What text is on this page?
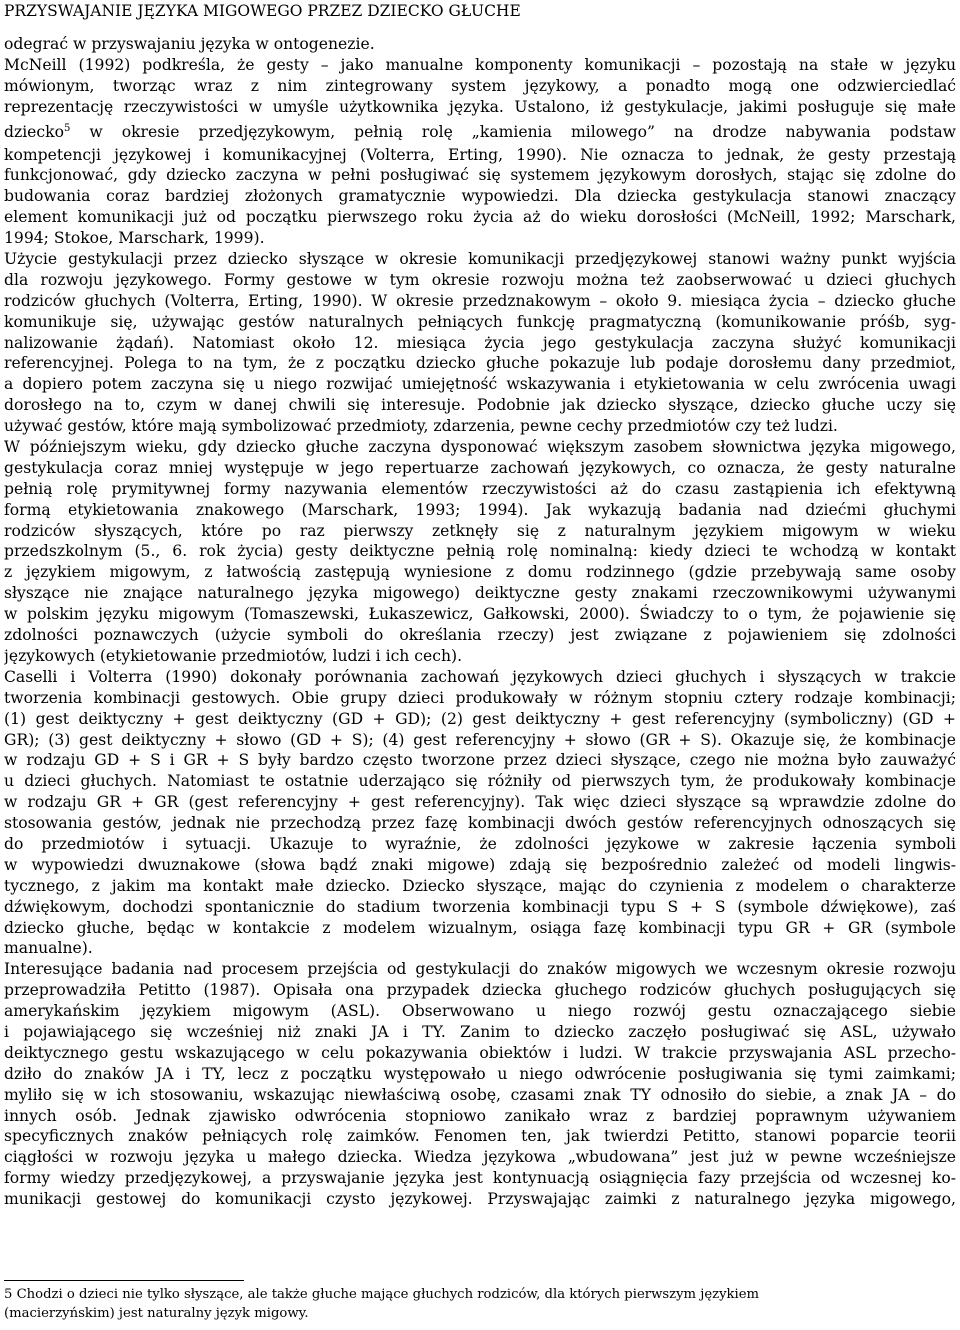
PRZYSWAJANIE JĘZYKA MIGOWEGO PRZEZ DZIECKO GŁUCHE
odegrać w przyswajaniu języka w ontogenezie.
McNeill (1992) podkreśla, że gesty – jako manualne komponenty komunikacji – pozostają na stałe w języku
mówionym, tworząc wraz z nim zintegrowany system językowy, a ponadto mogą one odzwierciedlać
reprezentację rzeczywistości w umyśle użytkownika języka. Ustalono, iż gestykulacje, jakimi posługuje się małe
dziecko$^5$ w okresie przedjęzykowym, pełnią rolę „kamienia milowego” na drodze nabywania podstaw
kompetencji językowej i komunikacyjnej (Volterra, Erting, 1990). Nie oznacza to jednak, że gesty przestają
funkcjonować, gdy dziecko zaczyna w pełni posługiwać się systemem językowym dorosłych, stając się zdolne do
budowania coraz bardziej złożonych gramatycznie wypowiedzi. Dla dziecka gestykulacja stanowi znaczący
element komunikacji już od początku pierwszego roku życia aż do wieku dorosłości (McNeill, 1992; Marschark,
1994; Stokoe, Marschark, 1999).
Użycie gestykulacji przez dziecko słyszące w okresie komunikacji przedjęzykowej stanowi ważny punkt wyjścia
dla rozwoju językowego. Formy gestowe w tym okresie rozwoju można też zaobserwować u dzieci głuchych
rodziców głuchych (Volterra, Erting, 1990). W okresie przedznakowym – około 9. miesiąca życia – dziecko głuche
komunikuje się, używając gestów naturalnych pełniących funkcję pragmatyczną (komunikowanie próśb, syg-
nalizowanie żądań). Natomiast około 12. miesiąca życia jego gestykulacja zaczyna służyć komunikacji
referencyjnej. Polega to na tym, że z początku dziecko głuche pokazuje lub podaje dorosłemu dany przedmiot,
a dopiero potem zaczyna się u niego rozwijać umiejętność wskazywania i etykietowania w celu zwrócenia uwagi
dorosłego na to, czym w danej chwili się interesuje. Podobnie jak dziecko słyszące, dziecko głuche uczy się
używać gestów, które mają symbolizować przedmioty, zdarzenia, pewne cechy przedmiotów czy też ludzi.
W późniejszym wieku, gdy dziecko głuche zaczyna dysponować większym zasobem słownictwa języka migowego,
gestykulacja coraz mniej występuje w jego repertuarze zachowań językowych, co oznacza, że gesty naturalne
pełnią rolę prymitywnej formy nazywania elementów rzeczywistości aż do czasu zastąpienia ich efektywną
formą etykietowania znakowego (Marschark, 1993; 1994). Jak wykazują badania nad dziećmi głuchymi
rodziców słyszących, które po raz pierwszy zetknęły się z naturalnym językiem migowym w wieku
przedszkolnym (5., 6. rok życia) gesty deiktyczne pełnią rolę nominalną: kiedy dzieci te wchodzą w kontakt
z językiem migowym, z łatwością zastępują wyniesione z domu rodzinnego (gdzie przebywają same osoby
słyszące nie znające naturalnego języka migowego) deiktyczne gesty znakami rzeczownikowymi używanymi
w polskim języku migowym (Tomaszewski, Łukaszewicz, Gałkowski, 2000). Świadczy to o tym, że pojawienie się
zdolności poznawczych (użycie symboli do określania rzeczy) jest związane z pojawieniem się zdolności
językowych (etykietowanie przedmiotów, ludzi i ich cech).
Caselli i Volterra (1990) dokonały porównania zachowań językowych dzieci głuchych i słyszących w trakcie
tworzenia kombinacji gestowych. Obie grupy dzieci produkowały w różnym stopniu cztery rodzaje kombinacji;
(1) gest deiktyczny + gest deiktyczny (GD + GD); (2) gest deiktyczny + gest referencyjny (symboliczny) (GD +
GR); (3) gest deiktyczny + słowo (GD + S); (4) gest referencyjny + słowo (GR + S). Okazuje się, że kombinacje
w rodzaju GD + S i GR + S były bardzo często tworzone przez dzieci słyszące, czego nie można było zauważyć
u dzieci głuchych. Natomiast te ostatnie uderzająco się różniły od pierwszych tym, że produkowały kombinacje
w rodzaju GR + GR (gest referencyjny + gest referencyjny). Tak więc dzieci słyszące są wprawdzie zdolne do
stosowania gestów, jednak nie przechodzą przez fazę kombinacji dwóch gestów referencyjnych odnoszących się
do przedmiotów i sytuacji. Ukazuje to wyraźnie, że zdolności językowe w zakresie łączenia symboli
w wypowiedzi dwuznakowe (słowa bądź znaki migowe) zdają się bezpośrednio zależeć od modeli lingwis-
tycznego, z jakim ma kontakt małe dziecko. Dziecko słyszące, mając do czynienia z modelem o charakterze
dźwiękowym, dochodzi spontanicznie do stadium tworzenia kombinacji typu S + S (symbole dźwiękowe), zaś
dziecko głuche, będąc w kontakcie z modelem wizualnym, osiąga fazę kombinacji typu GR + GR (symbole
manualne).
Interesujące badania nad procesem przejścia od gestykulacji do znaków migowych we wczesnym okresie rozwoju
przeprowadziła Petitto (1987). Opisała ona przypadek dziecka głuchego rodziców głuchych posługujących się
amerykańskim językiem migowym (ASL). Obserwowano u niego rozwój gestu oznaczającego siebie
i pojawiającego się wcześniej niż znaki JA i TY. Zanim to dziecko zaczęło posługiwać się ASL, używało
deiktycznego gestu wskazującego w celu pokazywania obiektów i ludzi. W trakcie przyswajania ASL przecho-
dziło do znaków JA i TY, lecz z początku występowało u niego odwrócenie posługiwania się tymi zaimkami;
myliło się w ich stosowaniu, wskazując niewłaściwą osobę, czasami znak TY odnosiło do siebie, a znak JA – do
innych osób. Jednak zjawisko odwrócenia stopniowo zanikało wraz z bardziej poprawnym używaniem
specyficznych znaków pełniących rolę zaimków. Fenomen ten, jak twierdzi Petitto, stanowi poparcie teorii
ciągłości w rozwoju języka u małego dziecka. Wiedza językowa „wbudowana” jest już w pewne wcześniejsze
formy wiedzy przedjęzykowej, a przyswajanie języka jest kontynuacją osiągnięcia fazy przejścia od wczesnej ko-
munikacji gestowej do komunikacji czysto językowej. Przyswajając zaimki z naturalnego języka migowego,
5 Chodzi o dzieci nie tylko słyszące, ale także głuche mające głuchych rodziców, dla których pierwszym językiem
(macierzyńskim) jest naturalny język migowy.
